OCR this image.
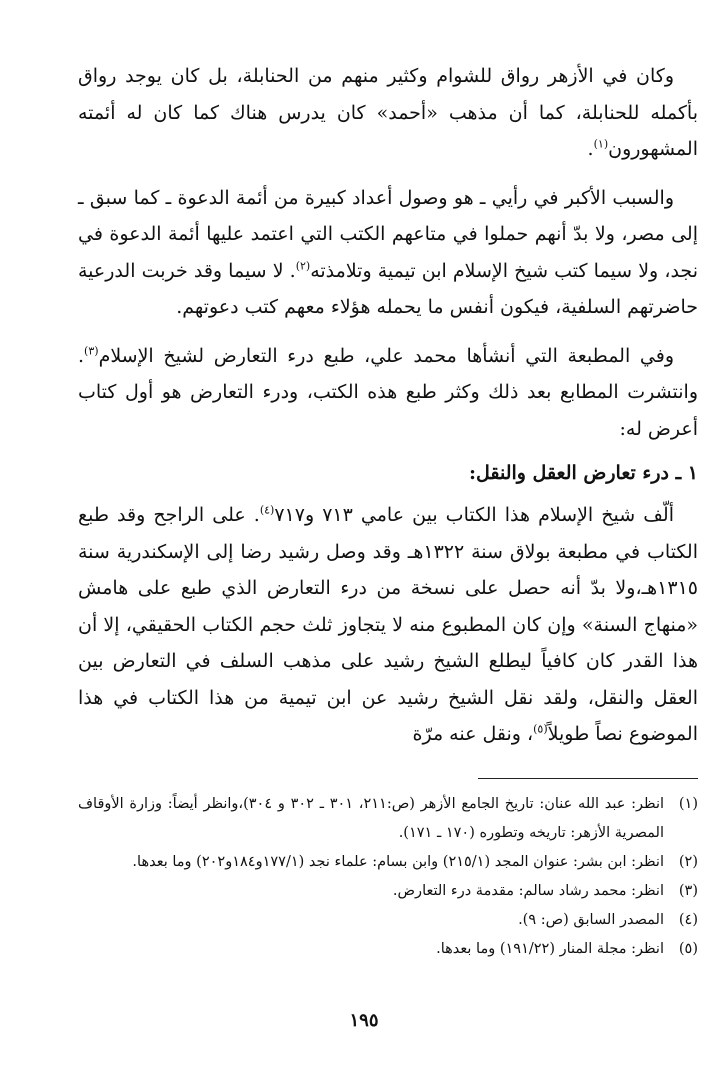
وكان في الأزهر رواق للشوام وكثير منهم من الحنابلة، بل كان يوجد رواق بأكمله للحنابلة، كما أن مذهب «أحمد» كان يدرس هناك كما كان له أئمته المشهورون$^{(١)}$.

والسبب الأكبر في رأيي ـ هو وصول أعداد كبيرة من أئمة الدعوة ـ كما سبق ـ إلى مصر، ولا بدّ أنهم حملوا في متاعهم الكتب التي اعتمد عليها أئمة الدعوة في نجد، ولا سيما كتب شيخ الإسلام ابن تيمية وتلامذته$^{(٢)}$. لا سيما وقد خربت الدرعية حاضرتهم السلفية، فيكون أنفس ما يحمله هؤلاء معهم كتب دعوتهم.

وفي المطبعة التي أنشأها محمد علي، طبع درء التعارض لشيخ الإسلام$^{(٣)}$. وانتشرت المطابع بعد ذلك وكثر طبع هذه الكتب، ودرء التعارض هو أول كتاب أعرض له:

١ ـ درء تعارض العقل والنقل:

ألّف شيخ الإسلام هذا الكتاب بين عامي ٧١٣ و٧١٧$^{(٤)}$. على الراجح وقد طبع الكتاب في مطبعة بولاق سنة ١٣٢٢هـ وقد وصل رشيد رضا إلى الإسكندرية سنة ١٣١٥هـ،ولا بدّ أنه حصل على نسخة من درء التعارض الذي طبع على هامش «منهاج السنة» وإن كان المطبوع منه لا يتجاوز ثلث حجم الكتاب الحقيقي، إلا أن هذا القدر كان كافياً ليطلع الشيخ رشيد على مذهب السلف في التعارض بين العقل والنقل، ولقد نقل الشيخ رشيد عن ابن تيمية من هذا الكتاب في هذا الموضوع نصاً طويلاً$^{(٥)}$، ونقل عنه مرّة

(١)
انظر: عبد الله عنان: تاريخ الجامع الأزهر (ص:٢١١، ٣٠١ ـ ٣٠٢ و ٣٠٤)،وانظر أيضاً: وزارة الأوقاف المصرية الأزهر: تاريخه وتطوره (١٧٠ ـ ١٧١).
(٢)
انظر: ابن بشر: عنوان المجد (٢١٥/١) وابن بسام: علماء نجد (١٧٧/١و١٨٤و٢٠٢) وما بعدها.
(٣)
انظر: محمد رشاد سالم: مقدمة درء التعارض.
(٤)
المصدر السابق (ص: ٩).
(٥)
انظر: مجلة المنار (١٩١/٢٢) وما بعدها.
١٩٥
